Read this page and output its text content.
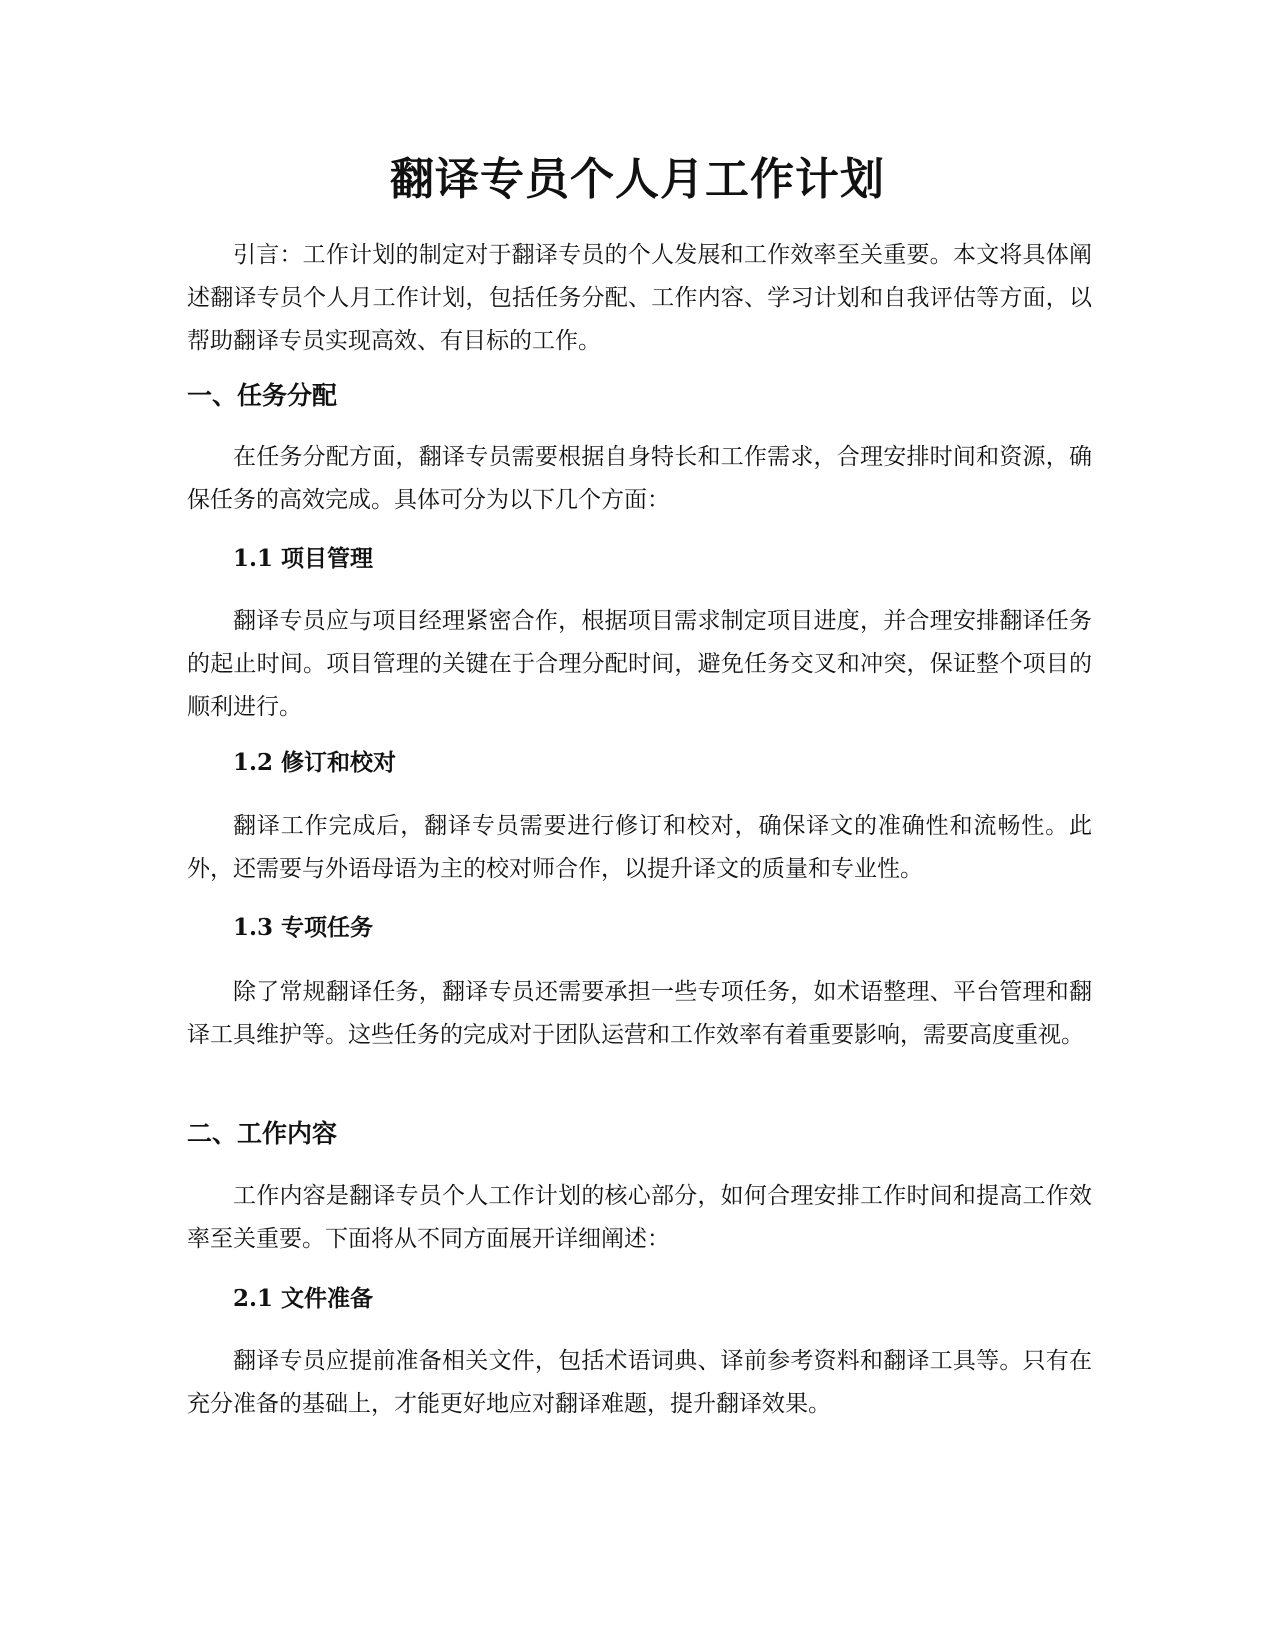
翻译专员个人月工作计划

引言：工作计划的制定对于翻译专员的个人发展和工作效率至关重要。本文将具体阐述翻译专员个人月工作计划，包括任务分配、工作内容、学习计划和自我评估等方面，以帮助翻译专员实现高效、有目标的工作。

一、任务分配

在任务分配方面，翻译专员需要根据自身特长和工作需求，合理安排时间和资源，确保任务的高效完成。具体可分为以下几个方面：

1.1 项目管理

翻译专员应与项目经理紧密合作，根据项目需求制定项目进度，并合理安排翻译任务的起止时间。项目管理的关键在于合理分配时间，避免任务交叉和冲突，保证整个项目的顺利进行。

1.2 修订和校对

翻译工作完成后，翻译专员需要进行修订和校对，确保译文的准确性和流畅性。此外，还需要与外语母语为主的校对师合作，以提升译文的质量和专业性。

1.3 专项任务

除了常规翻译任务，翻译专员还需要承担一些专项任务，如术语整理、平台管理和翻译工具维护等。这些任务的完成对于团队运营和工作效率有着重要影响，需要高度重视。

二、工作内容

工作内容是翻译专员个人工作计划的核心部分，如何合理安排工作时间和提高工作效率至关重要。下面将从不同方面展开详细阐述：

2.1 文件准备

翻译专员应提前准备相关文件，包括术语词典、译前参考资料和翻译工具等。只有在充分准备的基础上，才能更好地应对翻译难题，提升翻译效果。
